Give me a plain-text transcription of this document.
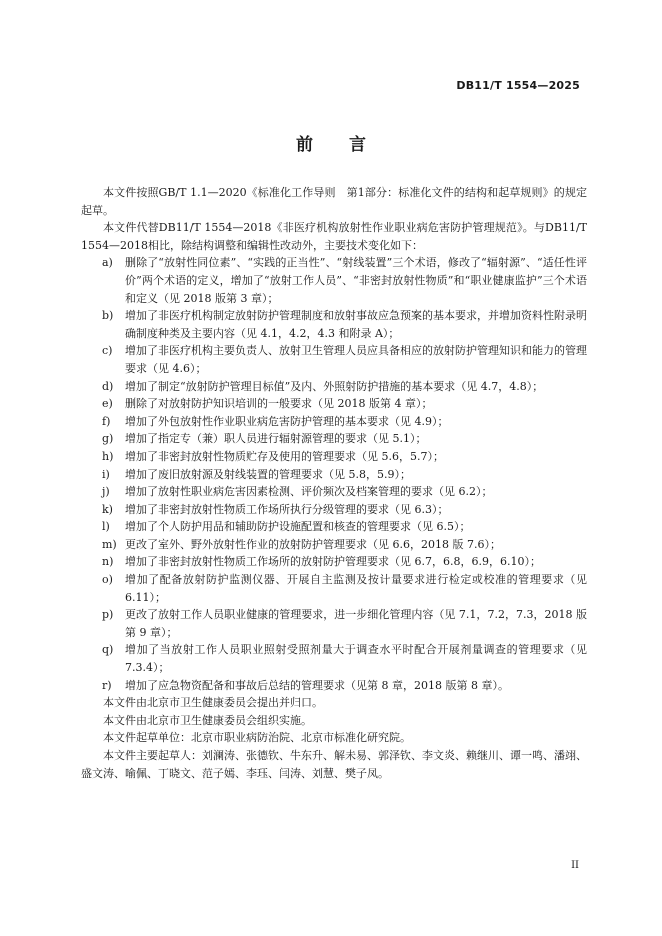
DB11/T 1554—2025
前 言

本文件按照GB/T 1.1—2020《标准化工作导则　第1部分：标准化文件的结构和起草规则》的规定起草。

本文件代替DB11/T 1554—2018《非医疗机构放射性作业职业病危害防护管理规范》。与DB11/T 1554—2018相比，除结构调整和编辑性改动外，主要技术变化如下：

a) 删除了“放射性同位素”、“实践的正当性”、“射线装置”三个术语，修改了“辐射源”、“适任性评价”两个术语的定义，增加了“放射工作人员”、“非密封放射性物质”和“职业健康监护”三个术语和定义（见 2018 版第 3 章）；
b) 增加了非医疗机构制定放射防护管理制度和放射事故应急预案的基本要求，并增加资料性附录明确制度种类及主要内容（见 4.1，4.2，4.3 和附录 A）；
c) 增加了非医疗机构主要负责人、放射卫生管理人员应具备相应的放射防护管理知识和能力的管理要求（见 4.6）；
d) 增加了制定“放射防护管理目标值”及内、外照射防护措施的基本要求（见 4.7，4.8）；
e) 删除了对放射防护知识培训的一般要求（见 2018 版第 4 章）；
f) 增加了外包放射性作业职业病危害防护管理的基本要求（见 4.9）；
g) 增加了指定专（兼）职人员进行辐射源管理的要求（见 5.1）；
h) 增加了非密封放射性物质贮存及使用的管理要求（见 5.6，5.7）；
i) 增加了废旧放射源及射线装置的管理要求（见 5.8，5.9）；
j) 增加了放射性职业病危害因素检测、评价频次及档案管理的要求（见 6.2）；
k) 增加了非密封放射性物质工作场所执行分级管理的要求（见 6.3）；
l) 增加了个人防护用品和辅助防护设施配置和核查的管理要求（见 6.5）；
m) 更改了室外、野外放射性作业的放射防护管理要求（见 6.6，2018 版 7.6）；
n) 增加了非密封放射性物质工作场所的放射防护管理要求（见 6.7，6.8，6.9，6.10）；
o) 增加了配备放射防护监测仪器、开展自主监测及按计量要求进行检定或校准的管理要求（见 6.11）；
p) 更改了放射工作人员职业健康的管理要求，进一步细化管理内容（见 7.1，7.2，7.3，2018 版第 9 章）；
q) 增加了当放射工作人员职业照射受照剂量大于调查水平时配合开展剂量调查的管理要求（见 7.3.4）；
r) 增加了应急物资配备和事故后总结的管理要求（见第 8 章，2018 版第 8 章）。

本文件由北京市卫生健康委员会提出并归口。

本文件由北京市卫生健康委员会组织实施。

本文件起草单位：北京市职业病防治院、北京市标准化研究院。

本文件主要起草人：刘澜涛、张德钦、牛东升、解未易、郭泽钦、李文炎、赖继川、谭一鸣、潘翊、盛文涛、喻佩、丁晓文、范子嫣、李珏、闫涛、刘慧、樊子凤。

II
